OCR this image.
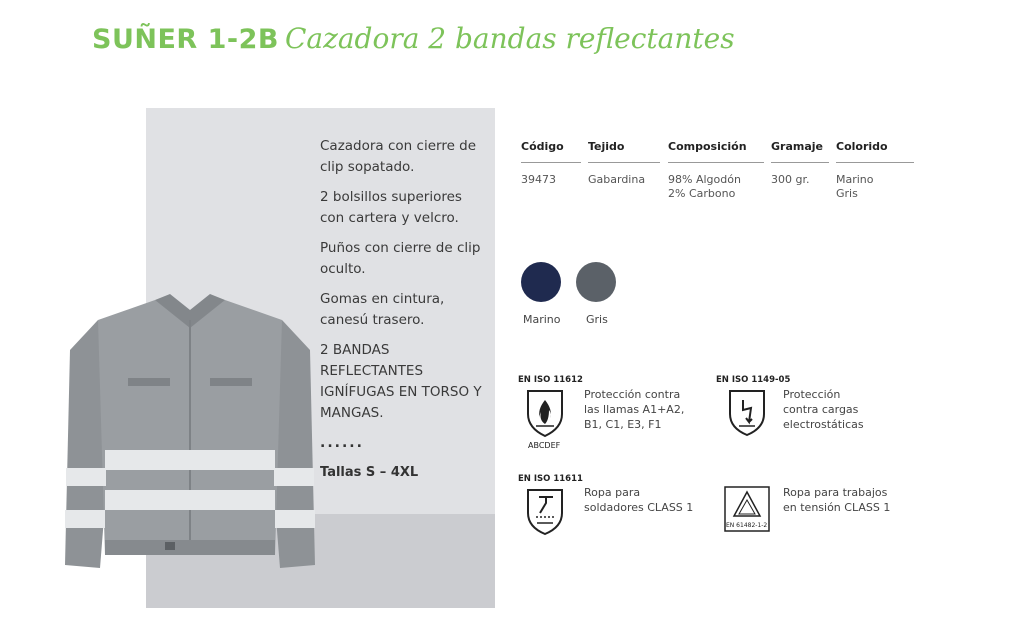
SUÑER 1-2B Cazadora 2 bandas reflectantes

Cazadora con cierre de clip sopatado.

2 bolsillos superiores con cartera y velcro.

Puños con cierre de clip oculto.

Gomas en cintura, canesú trasero.

2 BANDAS REFLECTANTES IGNÍFUGAS EN TORSO Y MANGAS.

......
Tallas S – 4XL
Código
39473
Tejido
Gabardina
Composición
98% Algodón
2% Carbono
Gramaje
300 gr.
Colorido
Marino
Gris
Marino Gris
EN ISO 11612
ABCDEF
Protección contra
las llamas A1+A2,
B1, C1, E3, F1
EN ISO 1149-05
Protección
contra cargas
electrostáticas
EN ISO 11611
Ropa para
soldadores CLASS 1
EN 61482-1-2
Ropa para trabajos
en tensión CLASS 1
